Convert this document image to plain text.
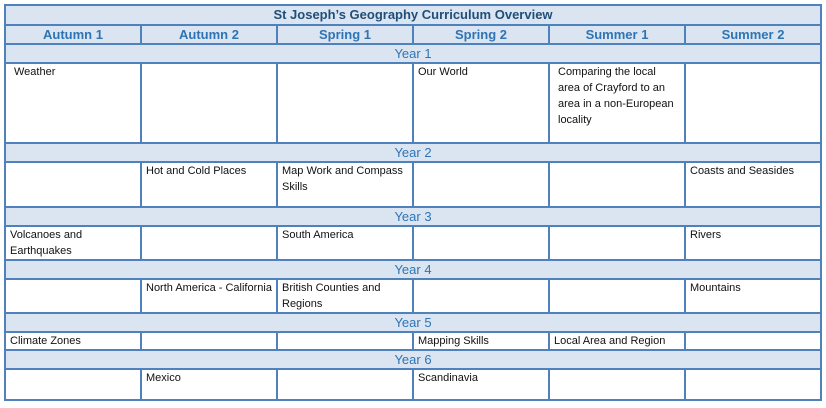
St Joseph’s Geography Curriculum Overview					
Autumn 1	Autumn 2	Spring 1	Spring 2	Summer 1	Summer 2
Year 1					

Weather			Our World	Comparing the local area of Crayford to an area in a non-European locality	

Year 2					
	Hot and Cold Places	Map Work and Compass Skills			Coasts and Seasides
Year 3					
Volcanoes and Earthquakes		South America			Rivers
Year 4					
	North America - California	British Counties and Regions			Mountains
Year 5					
Climate Zones			Mapping Skills	Local Area and Region	
Year 6					
	Mexico		Scandinavia		
